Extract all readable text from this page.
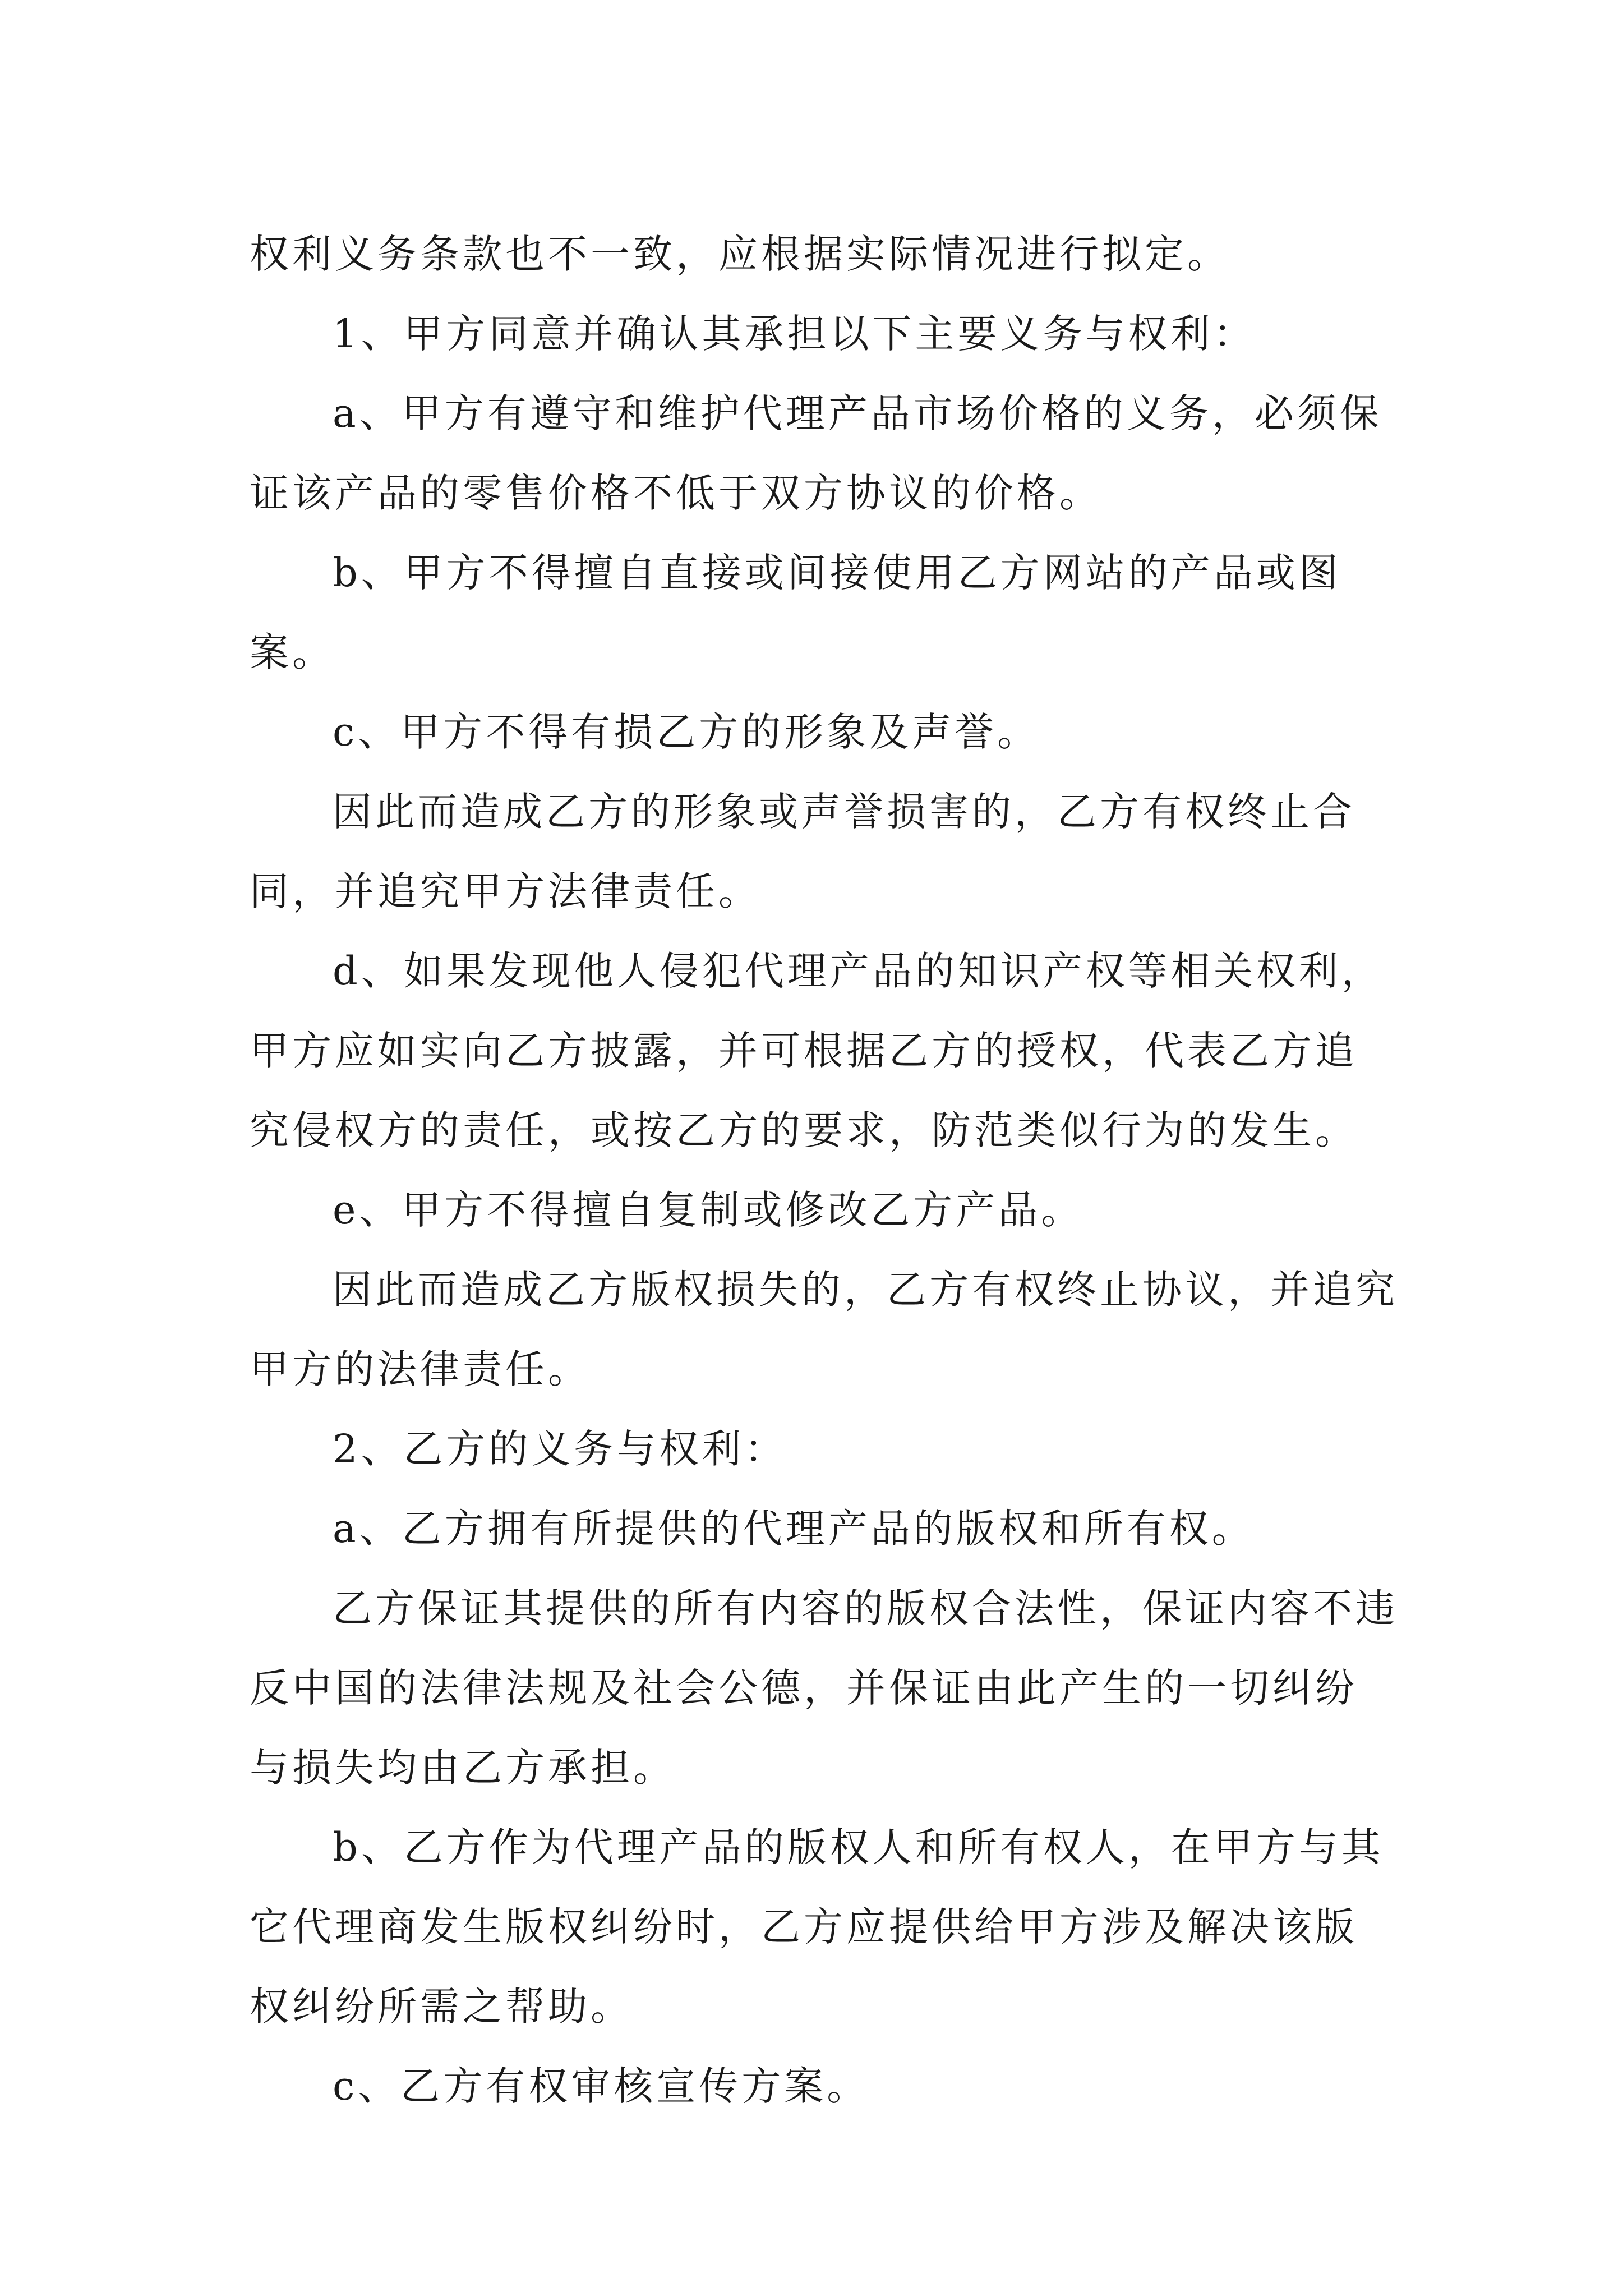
权利义务条款也不一致，应根据实际情况进行拟定。

1、甲方同意并确认其承担以下主要义务与权利：

a、甲方有遵守和维护代理产品市场价格的义务，必须保证该产品的零售价格不低于双方协议的价格。

b、甲方不得擅自直接或间接使用乙方网站的产品或图案。

c、甲方不得有损乙方的形象及声誉。

因此而造成乙方的形象或声誉损害的，乙方有权终止合同，并追究甲方法律责任。

d、如果发现他人侵犯代理产品的知识产权等相关权利，甲方应如实向乙方披露，并可根据乙方的授权，代表乙方追究侵权方的责任，或按乙方的要求，防范类似行为的发生。

e、甲方不得擅自复制或修改乙方产品。

因此而造成乙方版权损失的，乙方有权终止协议，并追究甲方的法律责任。

2、乙方的义务与权利：

a、乙方拥有所提供的代理产品的版权和所有权。

乙方保证其提供的所有内容的版权合法性，保证内容不违反中国的法律法规及社会公德，并保证由此产生的一切纠纷与损失均由乙方承担。

b、乙方作为代理产品的版权人和所有权人，在甲方与其它代理商发生版权纠纷时，乙方应提供给甲方涉及解决该版权纠纷所需之帮助。

c、乙方有权审核宣传方案。
